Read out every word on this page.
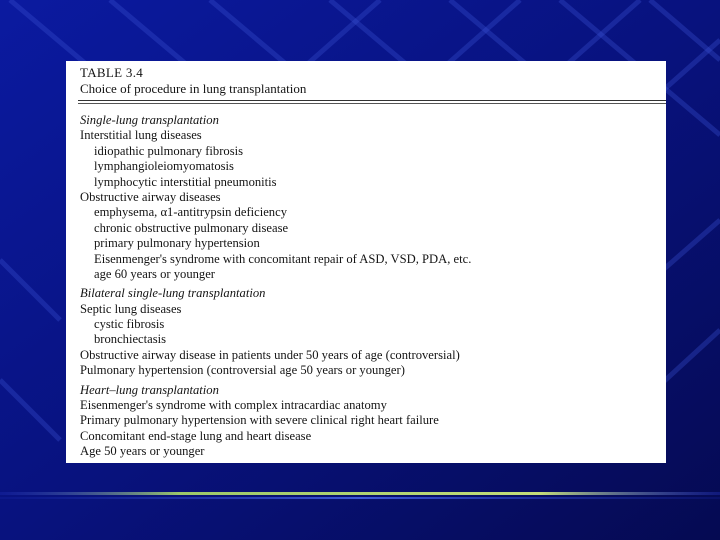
TABLE 3.4
Choice of procedure in lung transplantation
Single-lung transplantation
Interstitial lung diseases
idiopathic pulmonary fibrosis
lymphangioleiomyomatosis
lymphocytic interstitial pneumonitis
Obstructive airway diseases
emphysema, α1-antitrypsin deficiency
chronic obstructive pulmonary disease
primary pulmonary hypertension
Eisenmenger's syndrome with concomitant repair of ASD, VSD, PDA, etc.
age 60 years or younger
Bilateral single-lung transplantation
Septic lung diseases
cystic fibrosis
bronchiectasis
Obstructive airway disease in patients under 50 years of age (controversial)
Pulmonary hypertension (controversial age 50 years or younger)
Heart–lung transplantation
Eisenmenger's syndrome with complex intracardiac anatomy
Primary pulmonary hypertension with severe clinical right heart failure
Concomitant end-stage lung and heart disease
Age 50 years or younger
